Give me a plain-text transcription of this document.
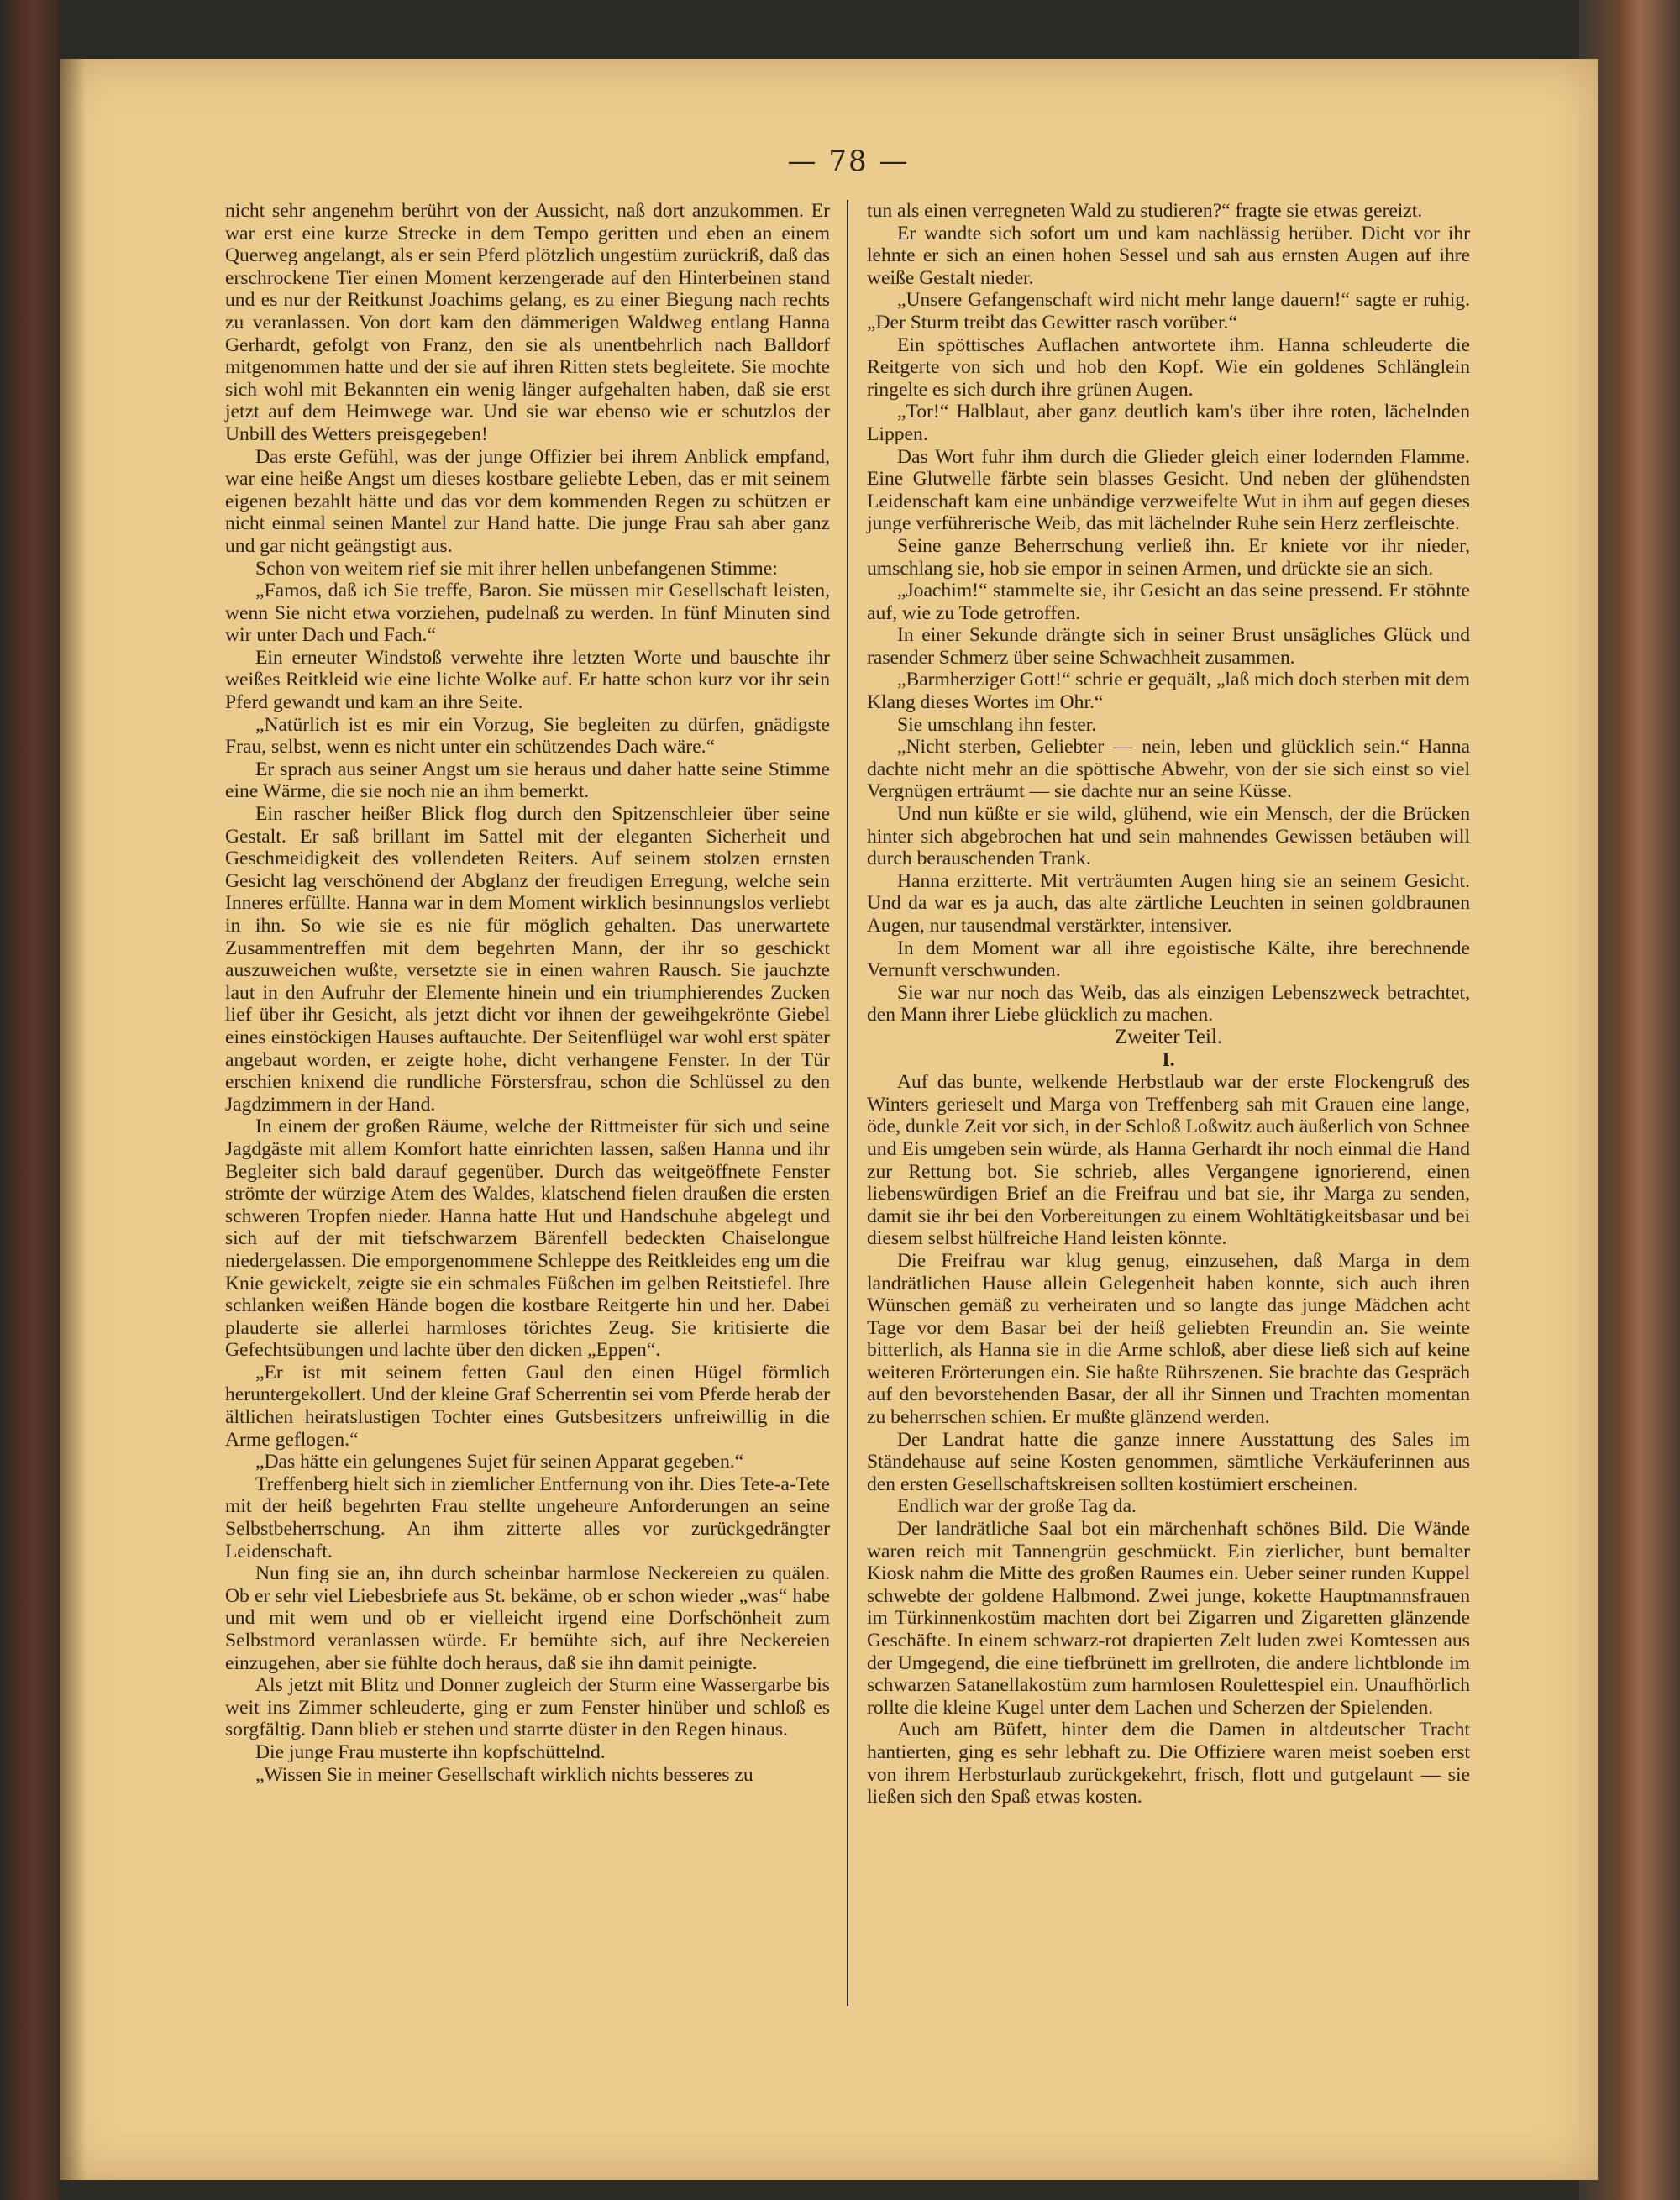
— 78 —

nicht sehr angenehm berührt von der Aussicht, naß dort anzukommen. Er war erst eine kurze Strecke in dem Tempo geritten und eben an einem Querweg angelangt, als er sein Pferd plötzlich ungestüm zurückriß, daß das erschrockene Tier einen Moment kerzengerade auf den Hinterbeinen stand und es nur der Reitkunst Joachims gelang, es zu einer Biegung nach rechts zu veranlassen. Von dort kam den dämmerigen Waldweg entlang Hanna Gerhardt, gefolgt von Franz, den sie als unentbehrlich nach Balldorf mitgenommen hatte und der sie auf ihren Ritten stets begleitete. Sie mochte sich wohl mit Bekannten ein wenig länger aufgehalten haben, daß sie erst jetzt auf dem Heimwege war. Und sie war ebenso wie er schutzlos der Unbill des Wetters preisgegeben!

Das erste Gefühl, was der junge Offizier bei ihrem Anblick empfand, war eine heiße Angst um dieses kostbare geliebte Leben, das er mit seinem eigenen bezahlt hätte und das vor dem kommenden Regen zu schützen er nicht einmal seinen Mantel zur Hand hatte. Die junge Frau sah aber ganz und gar nicht geängstigt aus.

Schon von weitem rief sie mit ihrer hellen unbefangenen Stimme:

„Famos, daß ich Sie treffe, Baron. Sie müssen mir Gesellschaft leisten, wenn Sie nicht etwa vorziehen, pudelnaß zu werden. In fünf Minuten sind wir unter Dach und Fach.“

Ein erneuter Windstoß verwehte ihre letzten Worte und bauschte ihr weißes Reitkleid wie eine lichte Wolke auf. Er hatte schon kurz vor ihr sein Pferd gewandt und kam an ihre Seite.

„Natürlich ist es mir ein Vorzug, Sie begleiten zu dürfen, gnädigste Frau, selbst, wenn es nicht unter ein schützendes Dach wäre.“

Er sprach aus seiner Angst um sie heraus und daher hatte seine Stimme eine Wärme, die sie noch nie an ihm bemerkt.

Ein rascher heißer Blick flog durch den Spitzenschleier über seine Gestalt. Er saß brillant im Sattel mit der eleganten Sicherheit und Geschmeidigkeit des vollendeten Reiters. Auf seinem stolzen ernsten Gesicht lag verschönend der Abglanz der freudigen Erregung, welche sein Inneres erfüllte. Hanna war in dem Moment wirklich besinnungslos verliebt in ihn. So wie sie es nie für möglich gehalten. Das unerwartete Zusammentreffen mit dem begehrten Mann, der ihr so geschickt auszuweichen wußte, versetzte sie in einen wahren Rausch. Sie jauchzte laut in den Aufruhr der Elemente hinein und ein triumphierendes Zucken lief über ihr Gesicht, als jetzt dicht vor ihnen der geweihgekrönte Giebel eines einstöckigen Hauses auftauchte. Der Seitenflügel war wohl erst später angebaut worden, er zeigte hohe, dicht verhangene Fenster. In der Tür erschien knixend die rundliche Förstersfrau, schon die Schlüssel zu den Jagdzimmern in der Hand.

In einem der großen Räume, welche der Rittmeister für sich und seine Jagdgäste mit allem Komfort hatte einrichten lassen, saßen Hanna und ihr Begleiter sich bald darauf gegenüber. Durch das weitgeöffnete Fenster strömte der würzige Atem des Waldes, klatschend fielen draußen die ersten schweren Tropfen nieder. Hanna hatte Hut und Handschuhe abgelegt und sich auf der mit tiefschwarzem Bärenfell bedeckten Chaiselongue niedergelassen. Die emporgenommene Schleppe des Reitkleides eng um die Knie gewickelt, zeigte sie ein schmales Füßchen im gelben Reitstiefel. Ihre schlanken weißen Hände bogen die kostbare Reitgerte hin und her. Dabei plauderte sie allerlei harmloses törichtes Zeug. Sie kritisierte die Gefechtsübungen und lachte über den dicken „Eppen“.

„Er ist mit seinem fetten Gaul den einen Hügel förmlich heruntergekollert. Und der kleine Graf Scherrentin sei vom Pferde herab der ältlichen heiratslustigen Tochter eines Gutsbesitzers unfreiwillig in die Arme geflogen.“

„Das hätte ein gelungenes Sujet für seinen Apparat gegeben.“

Treffenberg hielt sich in ziemlicher Entfernung von ihr. Dies Tete-a-Tete mit der heiß begehrten Frau stellte ungeheure Anforderungen an seine Selbstbeherrschung. An ihm zitterte alles vor zurückgedrängter Leidenschaft.

Nun fing sie an, ihn durch scheinbar harmlose Neckereien zu quälen. Ob er sehr viel Liebesbriefe aus St. bekäme, ob er schon wieder „was“ habe und mit wem und ob er vielleicht irgend eine Dorfschönheit zum Selbstmord veranlassen würde. Er bemühte sich, auf ihre Neckereien einzugehen, aber sie fühlte doch heraus, daß sie ihn damit peinigte.

Als jetzt mit Blitz und Donner zugleich der Sturm eine Wassergarbe bis weit ins Zimmer schleuderte, ging er zum Fenster hinüber und schloß es sorgfältig. Dann blieb er stehen und starrte düster in den Regen hinaus.

Die junge Frau musterte ihn kopfschüttelnd.

„Wissen Sie in meiner Gesellschaft wirklich nichts besseres zu

tun als einen verregneten Wald zu studieren?“ fragte sie etwas gereizt.

Er wandte sich sofort um und kam nachlässig herüber. Dicht vor ihr lehnte er sich an einen hohen Sessel und sah aus ernsten Augen auf ihre weiße Gestalt nieder.

„Unsere Gefangenschaft wird nicht mehr lange dauern!“ sagte er ruhig. „Der Sturm treibt das Gewitter rasch vorüber.“

Ein spöttisches Auflachen antwortete ihm. Hanna schleuderte die Reitgerte von sich und hob den Kopf. Wie ein goldenes Schlänglein ringelte es sich durch ihre grünen Augen.

„Tor!“ Halblaut, aber ganz deutlich kam's über ihre roten, lächelnden Lippen.

Das Wort fuhr ihm durch die Glieder gleich einer lodernden Flamme. Eine Glutwelle färbte sein blasses Gesicht. Und neben der glühendsten Leidenschaft kam eine unbändige verzweifelte Wut in ihm auf gegen dieses junge verführerische Weib, das mit lächelnder Ruhe sein Herz zerfleischte.

Seine ganze Beherrschung verließ ihn. Er kniete vor ihr nieder, umschlang sie, hob sie empor in seinen Armen, und drückte sie an sich.

„Joachim!“ stammelte sie, ihr Gesicht an das seine pressend. Er stöhnte auf, wie zu Tode getroffen.

In einer Sekunde drängte sich in seiner Brust unsägliches Glück und rasender Schmerz über seine Schwachheit zusammen.

„Barmherziger Gott!“ schrie er gequält, „laß mich doch sterben mit dem Klang dieses Wortes im Ohr.“

Sie umschlang ihn fester.

„Nicht sterben, Geliebter — nein, leben und glücklich sein.“ Hanna dachte nicht mehr an die spöttische Abwehr, von der sie sich einst so viel Vergnügen erträumt — sie dachte nur an seine Küsse.

Und nun küßte er sie wild, glühend, wie ein Mensch, der die Brücken hinter sich abgebrochen hat und sein mahnendes Gewissen betäuben will durch berauschenden Trank.

Hanna erzitterte. Mit verträumten Augen hing sie an seinem Gesicht. Und da war es ja auch, das alte zärtliche Leuchten in seinen goldbraunen Augen, nur tausendmal verstärkter, intensiver.

In dem Moment war all ihre egoistische Kälte, ihre berechnende Vernunft verschwunden.

Sie war nur noch das Weib, das als einzigen Lebenszweck betrachtet, den Mann ihrer Liebe glücklich zu machen.

Zweiter Teil.

I.

Auf das bunte, welkende Herbstlaub war der erste Flockengruß des Winters gerieselt und Marga von Treffenberg sah mit Grauen eine lange, öde, dunkle Zeit vor sich, in der Schloß Loßwitz auch äußerlich von Schnee und Eis umgeben sein würde, als Hanna Gerhardt ihr noch einmal die Hand zur Rettung bot. Sie schrieb, alles Vergangene ignorierend, einen liebenswürdigen Brief an die Freifrau und bat sie, ihr Marga zu senden, damit sie ihr bei den Vorbereitungen zu einem Wohltätigkeitsbasar und bei diesem selbst hülfreiche Hand leisten könnte.

Die Freifrau war klug genug, einzusehen, daß Marga in dem landrätlichen Hause allein Gelegenheit haben konnte, sich auch ihren Wünschen gemäß zu verheiraten und so langte das junge Mädchen acht Tage vor dem Basar bei der heiß geliebten Freundin an. Sie weinte bitterlich, als Hanna sie in die Arme schloß, aber diese ließ sich auf keine weiteren Erörterungen ein. Sie haßte Rührszenen. Sie brachte das Gespräch auf den bevorstehenden Basar, der all ihr Sinnen und Trachten momentan zu beherrschen schien. Er mußte glänzend werden.

Der Landrat hatte die ganze innere Ausstattung des Sales im Ständehause auf seine Kosten genommen, sämtliche Verkäuferinnen aus den ersten Gesellschaftskreisen sollten kostümiert erscheinen.

Endlich war der große Tag da.

Der landrätliche Saal bot ein märchenhaft schönes Bild. Die Wände waren reich mit Tannengrün geschmückt. Ein zierlicher, bunt bemalter Kiosk nahm die Mitte des großen Raumes ein. Ueber seiner runden Kuppel schwebte der goldene Halbmond. Zwei junge, kokette Hauptmannsfrauen im Türkinnenkostüm machten dort bei Zigarren und Zigaretten glänzende Geschäfte. In einem schwarz-rot drapierten Zelt luden zwei Komtessen aus der Umgegend, die eine tiefbrünett im grellroten, die andere lichtblonde im schwarzen Satanellakostüm zum harmlosen Roulettespiel ein. Unaufhörlich rollte die kleine Kugel unter dem Lachen und Scherzen der Spielenden.

Auch am Büfett, hinter dem die Damen in altdeutscher Tracht hantierten, ging es sehr lebhaft zu. Die Offiziere waren meist soeben erst von ihrem Herbsturlaub zurückgekehrt, frisch, flott und gutgelaunt — sie ließen sich den Spaß etwas kosten.
